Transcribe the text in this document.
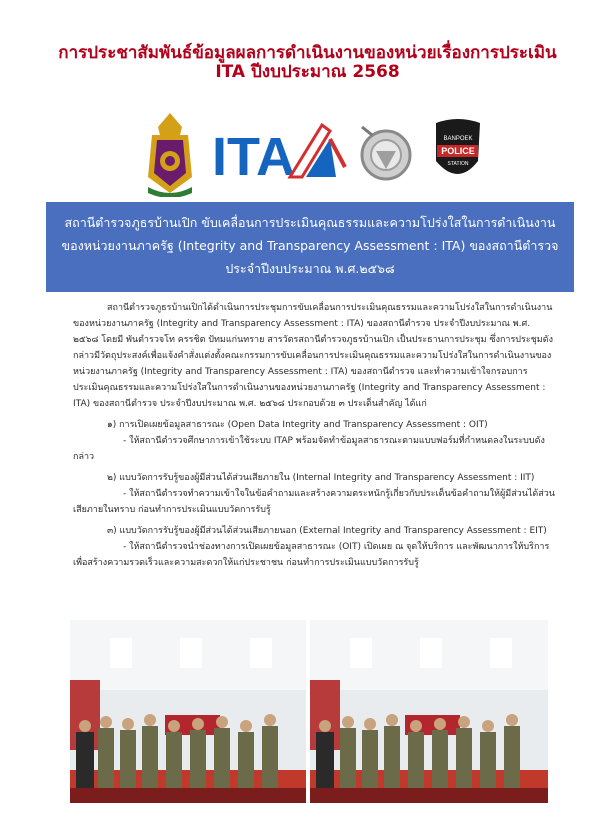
การประชาสัมพันธ์ข้อมูลผลการดำเนินงานของหน่วยเรื่องการประเมิน
ITA ปีงบประมาณ 2568
ITA	BANPOEK
POLICE
STATION
สถานีตำรวจภูธรบ้านเปิก ขับเคลื่อนการประเมินคุณธรรมและความโปร่งใสในการดำเนินงาน
ของหน่วยงานภาครัฐ (Integrity and Transparency Assessment : ITA) ของสถานีตำรวจ
ประจำปีงบประมาณ พ.ศ.๒๕๖๘

สถานีตำรวจภูธรบ้านเปิกได้ดำเนินการประชุมการขับเคลื่อนการประเมินคุณธรรมและความโปร่งใสในการดำเนินงานของหน่วยงานภาครัฐ (Integrity and Transparency Assessment : ITA) ของสถานีตำรวจ ประจำปีงบประมาณ พ.ศ. ๒๕๖๘ โดยมี พันตำรวจโท ครรชิต ปัทมแก่นทราย สารวัตรสถานีตำรวจภูธรบ้านเปิก เป็นประธานการประชุม ซึ่งการประชุมดังกล่าวมีวัตถุประสงค์เพื่อแจ้งคำสั่งแต่งตั้งคณะกรรมการขับเคลื่อนการประเมินคุณธรรมและความโปร่งใสในการดำเนินงานของหน่วยงานภาครัฐ (Integrity and Transparency Assessment : ITA) ของสถานีตำรวจ และทำความเข้าใจกรอบการประเมินคุณธรรมและความโปร่งใสในการดำเนินงานของหน่วยงานภาครัฐ (Integrity and Transparency Assessment : ITA) ของสถานีตำรวจ ประจำปีงบประมาณ พ.ศ. ๒๕๖๘ ประกอบด้วย ๓ ประเด็นสำคัญ ได้แก่

๑) การเปิดเผยข้อมูลสาธารณะ (Open Data Integrity and Transparency Assessment : OIT)

- ให้สถานีตำรวจศึกษาการเข้าใช้ระบบ ITAP พร้อมจัดทำข้อมูลสาธารณะตามแบบฟอร์มที่กำหนดลงในระบบดังกล่าว

๒) แบบวัดการรับรู้ของผู้มีส่วนได้ส่วนเสียภายใน (Internal Integrity and Transparency Assessment : IIT)

- ให้สถานีตำรวจทำความเข้าใจในข้อคำถามและสร้างความตระหนักรู้เกี่ยวกับประเด็นข้อคำถามให้ผู้มีส่วนได้ส่วนเสียภายในทราบ ก่อนทำการประเมินแบบวัดการรับรู้

๓) แบบวัดการรับรู้ของผู้มีส่วนได้ส่วนเสียภายนอก (External Integrity and Transparency Assessment : EIT)

- ให้สถานีตำรวจนำช่องทางการเปิดเผยข้อมูลสาธารณะ (OIT) เปิดเผย ณ จุดให้บริการ และพัฒนาการให้บริการเพื่อสร้างความรวดเร็วและความสะดวกให้แก่ประชาชน ก่อนทำการประเมินแบบวัดการรับรู้
